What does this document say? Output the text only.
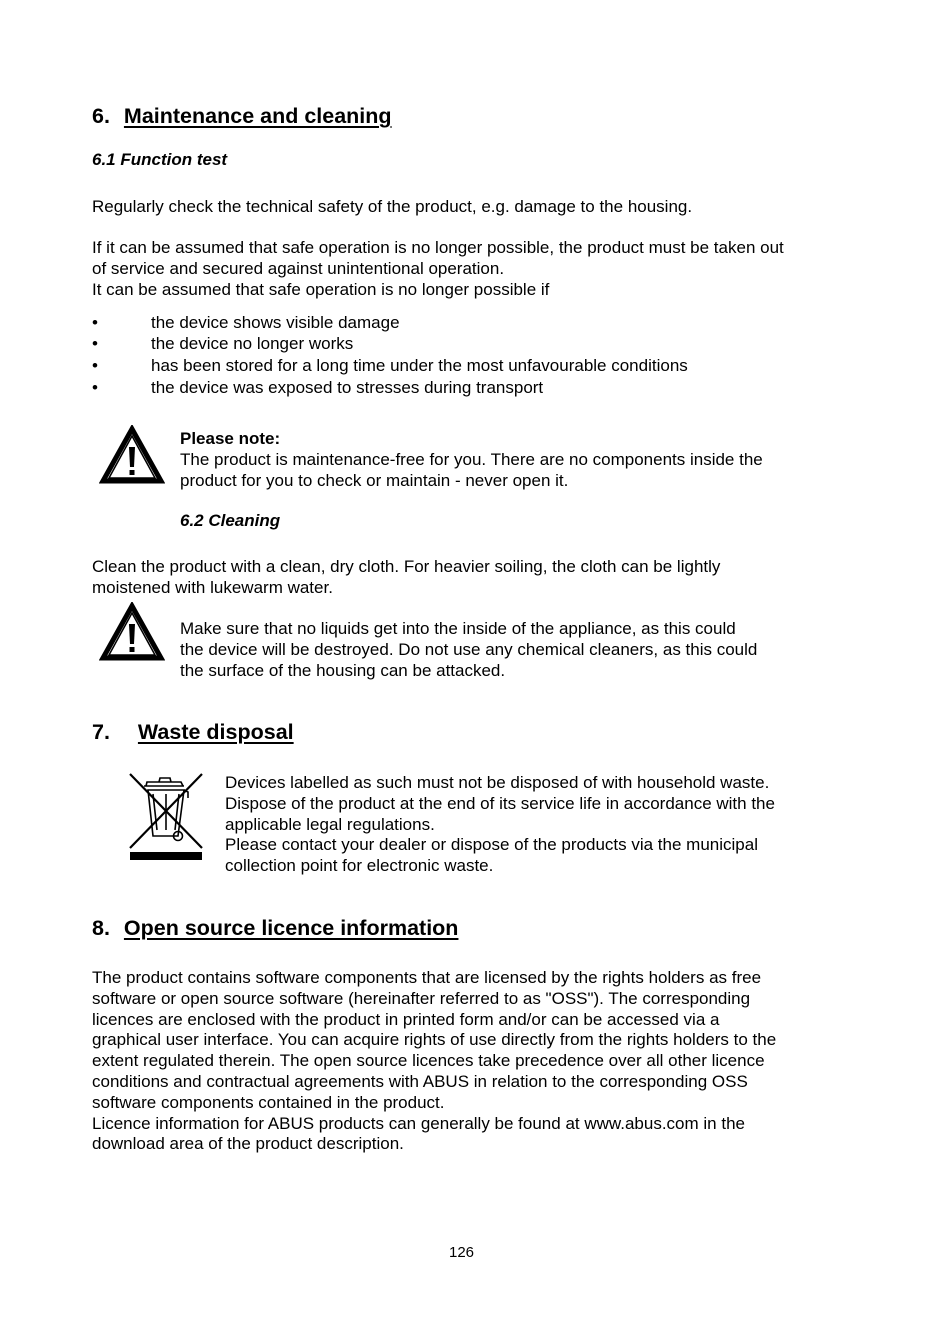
6. Maintenance and cleaning
6.1 Function test
Regularly check the technical safety of the product, e.g. damage to the housing.
If it can be assumed that safe operation is no longer possible, the product must be taken out
of service and secured against unintentional operation.
It can be assumed that safe operation is no longer possible if
•	the device shows visible damage
•	the device no longer works
•	has been stored for a long time under the most unfavourable conditions
•	the device was exposed to stresses during transport
Please note:
The product is maintenance-free for you. There are no components inside the
product for you to check or maintain - never open it.
6.2 Cleaning
Clean the product with a clean, dry cloth. For heavier soiling, the cloth can be lightly
moistened with lukewarm water.
Make sure that no liquids get into the inside of the appliance, as this could
the device will be destroyed. Do not use any chemical cleaners, as this could
the surface of the housing can be attacked.
7. Waste disposal
Devices labelled as such must not be disposed of with household waste.
Dispose of the product at the end of its service life in accordance with the
applicable legal regulations.
Please contact your dealer or dispose of the products via the municipal
collection point for electronic waste.
8. Open source licence information
The product contains software components that are licensed by the rights holders as free
software or open source software (hereinafter referred to as "OSS"). The corresponding
licences are enclosed with the product in printed form and/or can be accessed via a
graphical user interface. You can acquire rights of use directly from the rights holders to the
extent regulated therein. The open source licences take precedence over all other licence
conditions and contractual agreements with ABUS in relation to the corresponding OSS
software components contained in the product.
Licence information for ABUS products can generally be found at www.abus.com in the
download area of the product description.
126
